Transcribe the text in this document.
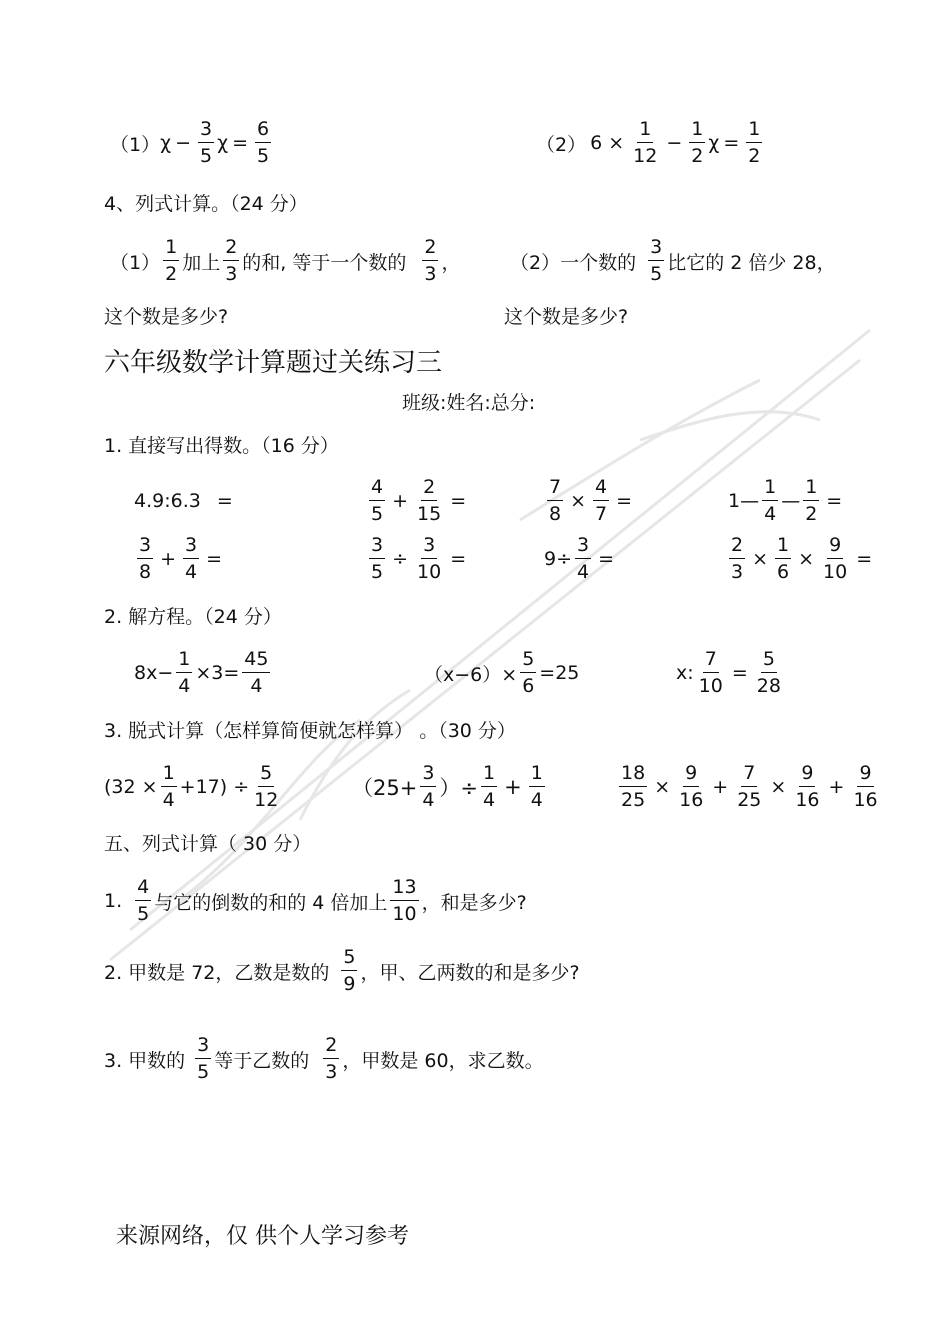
（1） $\chi - \frac{3}{5}$ $\chi = \frac{6}{5}$	（2） $6 \times \frac{1}{12} - \frac{1}{2}$ $\chi = \frac{1}{2}$
4、列式计算。（24 分）
$(1) \frac{1}{2}$ 加上 $\frac{2}{3}$ 的和, 等于一个数的 $\frac{2}{3}$ ，
这个数是多少?
（2） 一个数的 $\frac{3}{5}$ 比它的 2 倍少 28，
这个数是多少?
六年级数学计算题过关练习三
班级:姓名:总分:
1. 直接写出得数。（16 分）
4.9:6.3 =	$\frac{4}{5} + \frac{2}{15}$ =	$\frac{7}{8} \times \frac{4}{7}$ =	1— $\frac{1}{4}$ — $\frac{1}{2}$ =
$\frac{3}{8} + \frac{3}{4}$ =	$\frac{3}{5} \div \frac{3}{10}$ =	$9\div \frac{3}{4}$ =	$\frac{2}{3} \times \frac{1}{6} \times \frac{9}{10}$ =
2. 解方程。（24 分）
$8x- \frac{1}{4} \times 3= \frac{45}{4}$	$(x-6)\times \frac{5}{6} =25$	x: $\frac{7}{10} = \frac{5}{28}$
3. 脱式计算（怎样算简便就怎样算） 。（30 分）
$(32 \times \frac{1}{4} +17) \div \frac{5}{12}$	（$25+ \frac{3}{4}$ ）÷ $\frac{1}{4} + \frac{1}{4}$	$\frac{18}{25} \times \frac{9}{16} + \frac{7}{25} \times \frac{9}{16} + \frac{9}{16}$
五、列式计算（ 30 分）
1. $\frac{4}{5}$ 与它的倒数的和的 4 倍加上 $\frac{13}{10}$ ，和是多少?
2. 甲数是 72，乙数是数的 $\frac{5}{9}$ ，甲、乙两数的和是多少?
3. 甲数的 $\frac{3}{5}$ 等于乙数的 $\frac{2}{3}$ ，甲数是 60，求乙数。
来源网络，仅 供个人学习参考
